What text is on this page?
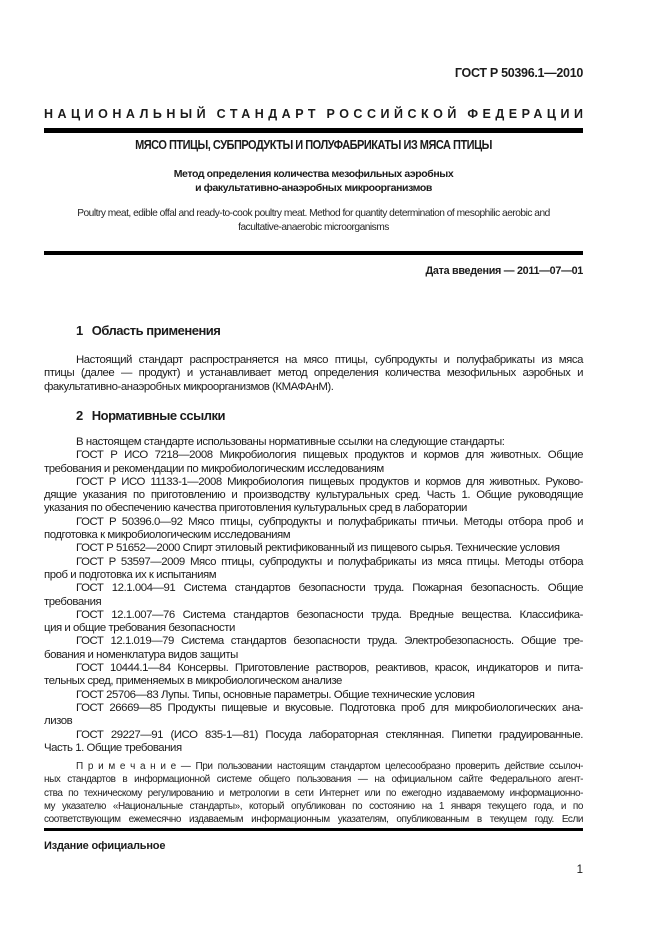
ГОСТ Р 50396.1—2010
НАЦИОНАЛЬНЫЙ СТАНДАРТ РОССИЙСКОЙ ФЕДЕРАЦИИ
МЯСО ПТИЦЫ, СУБПРОДУКТЫ И ПОЛУФАБРИКАТЫ ИЗ МЯСА ПТИЦЫ
Метод определения количества мезофильных аэробных
и факультативно-анаэробных микроорганизмов
Poultry meat, edible offal and ready-to-cook poultry meat. Method for quantity determination of mesophilic aerobic and
facultative-anaerobic microorganisms
Дата введения — 2011—07—01
1 Область применения
Настоящий стандарт распространяется на мясо птицы, субпродукты и полуфабрикаты из мяса
птицы (далее — продукт) и устанавливает метод определения количества мезофильных аэробных и
факультативно-анаэробных микроорганизмов (КМАФАнМ).
2 Нормативные ссылки
В настоящем стандарте использованы нормативные ссылки на следующие стандарты:
ГОСТ Р ИСО 7218—2008 Микробиология пищевых продуктов и кормов для животных. Общие
требования и рекомендации по микробиологическим исследованиям
ГОСТ Р ИСО 11133-1—2008 Микробиология пищевых продуктов и кормов для животных. Руково-
дящие указания по приготовлению и производству культуральных сред. Часть 1. Общие руководящие
указания по обеспечению качества приготовления культуральных сред в лаборатории
ГОСТ Р 50396.0—92 Мясо птицы, субпродукты и полуфабрикаты птичьи. Методы отбора проб и
подготовка к микробиологическим исследованиям
ГОСТ Р 51652—2000 Спирт этиловый ректификованный из пищевого сырья. Технические условия
ГОСТ Р 53597—2009 Мясо птицы, субпродукты и полуфабрикаты из мяса птицы. Методы отбора
проб и подготовка их к испытаниям
ГОСТ 12.1.004—91 Система стандартов безопасности труда. Пожарная безопасность. Общие
требования
ГОСТ 12.1.007—76 Система стандартов безопасности труда. Вредные вещества. Классифика-
ция и общие требования безопасности
ГОСТ 12.1.019—79 Система стандартов безопасности труда. Электробезопасность. Общие тре-
бования и номенклатура видов защиты
ГОСТ 10444.1—84 Консервы. Приготовление растворов, реактивов, красок, индикаторов и пита-
тельных сред, применяемых в микробиологическом анализе
ГОСТ 25706—83 Лупы. Типы, основные параметры. Общие технические условия
ГОСТ 26669—85 Продукты пищевые и вкусовые. Подготовка проб для микробиологических ана-
лизов
ГОСТ 29227—91 (ИСО 835-1—81) Посуда лабораторная стеклянная. Пипетки градуированные.
Часть 1. Общие требования
П р и м е ч а н и е — При пользовании настоящим стандартом целесообразно проверить действие ссылоч-
ных стандартов в информационной системе общего пользования — на официальном сайте Федерального агент-
ства по техническому регулированию и метрологии в сети Интернет или по ежегодно издаваемому информационно-
му указателю «Национальные стандарты», который опубликован по состоянию на 1 января текущего года, и по
соответствующим ежемесячно издаваемым информационным указателям, опубликованным в текущем году. Если
Издание официальное
1
